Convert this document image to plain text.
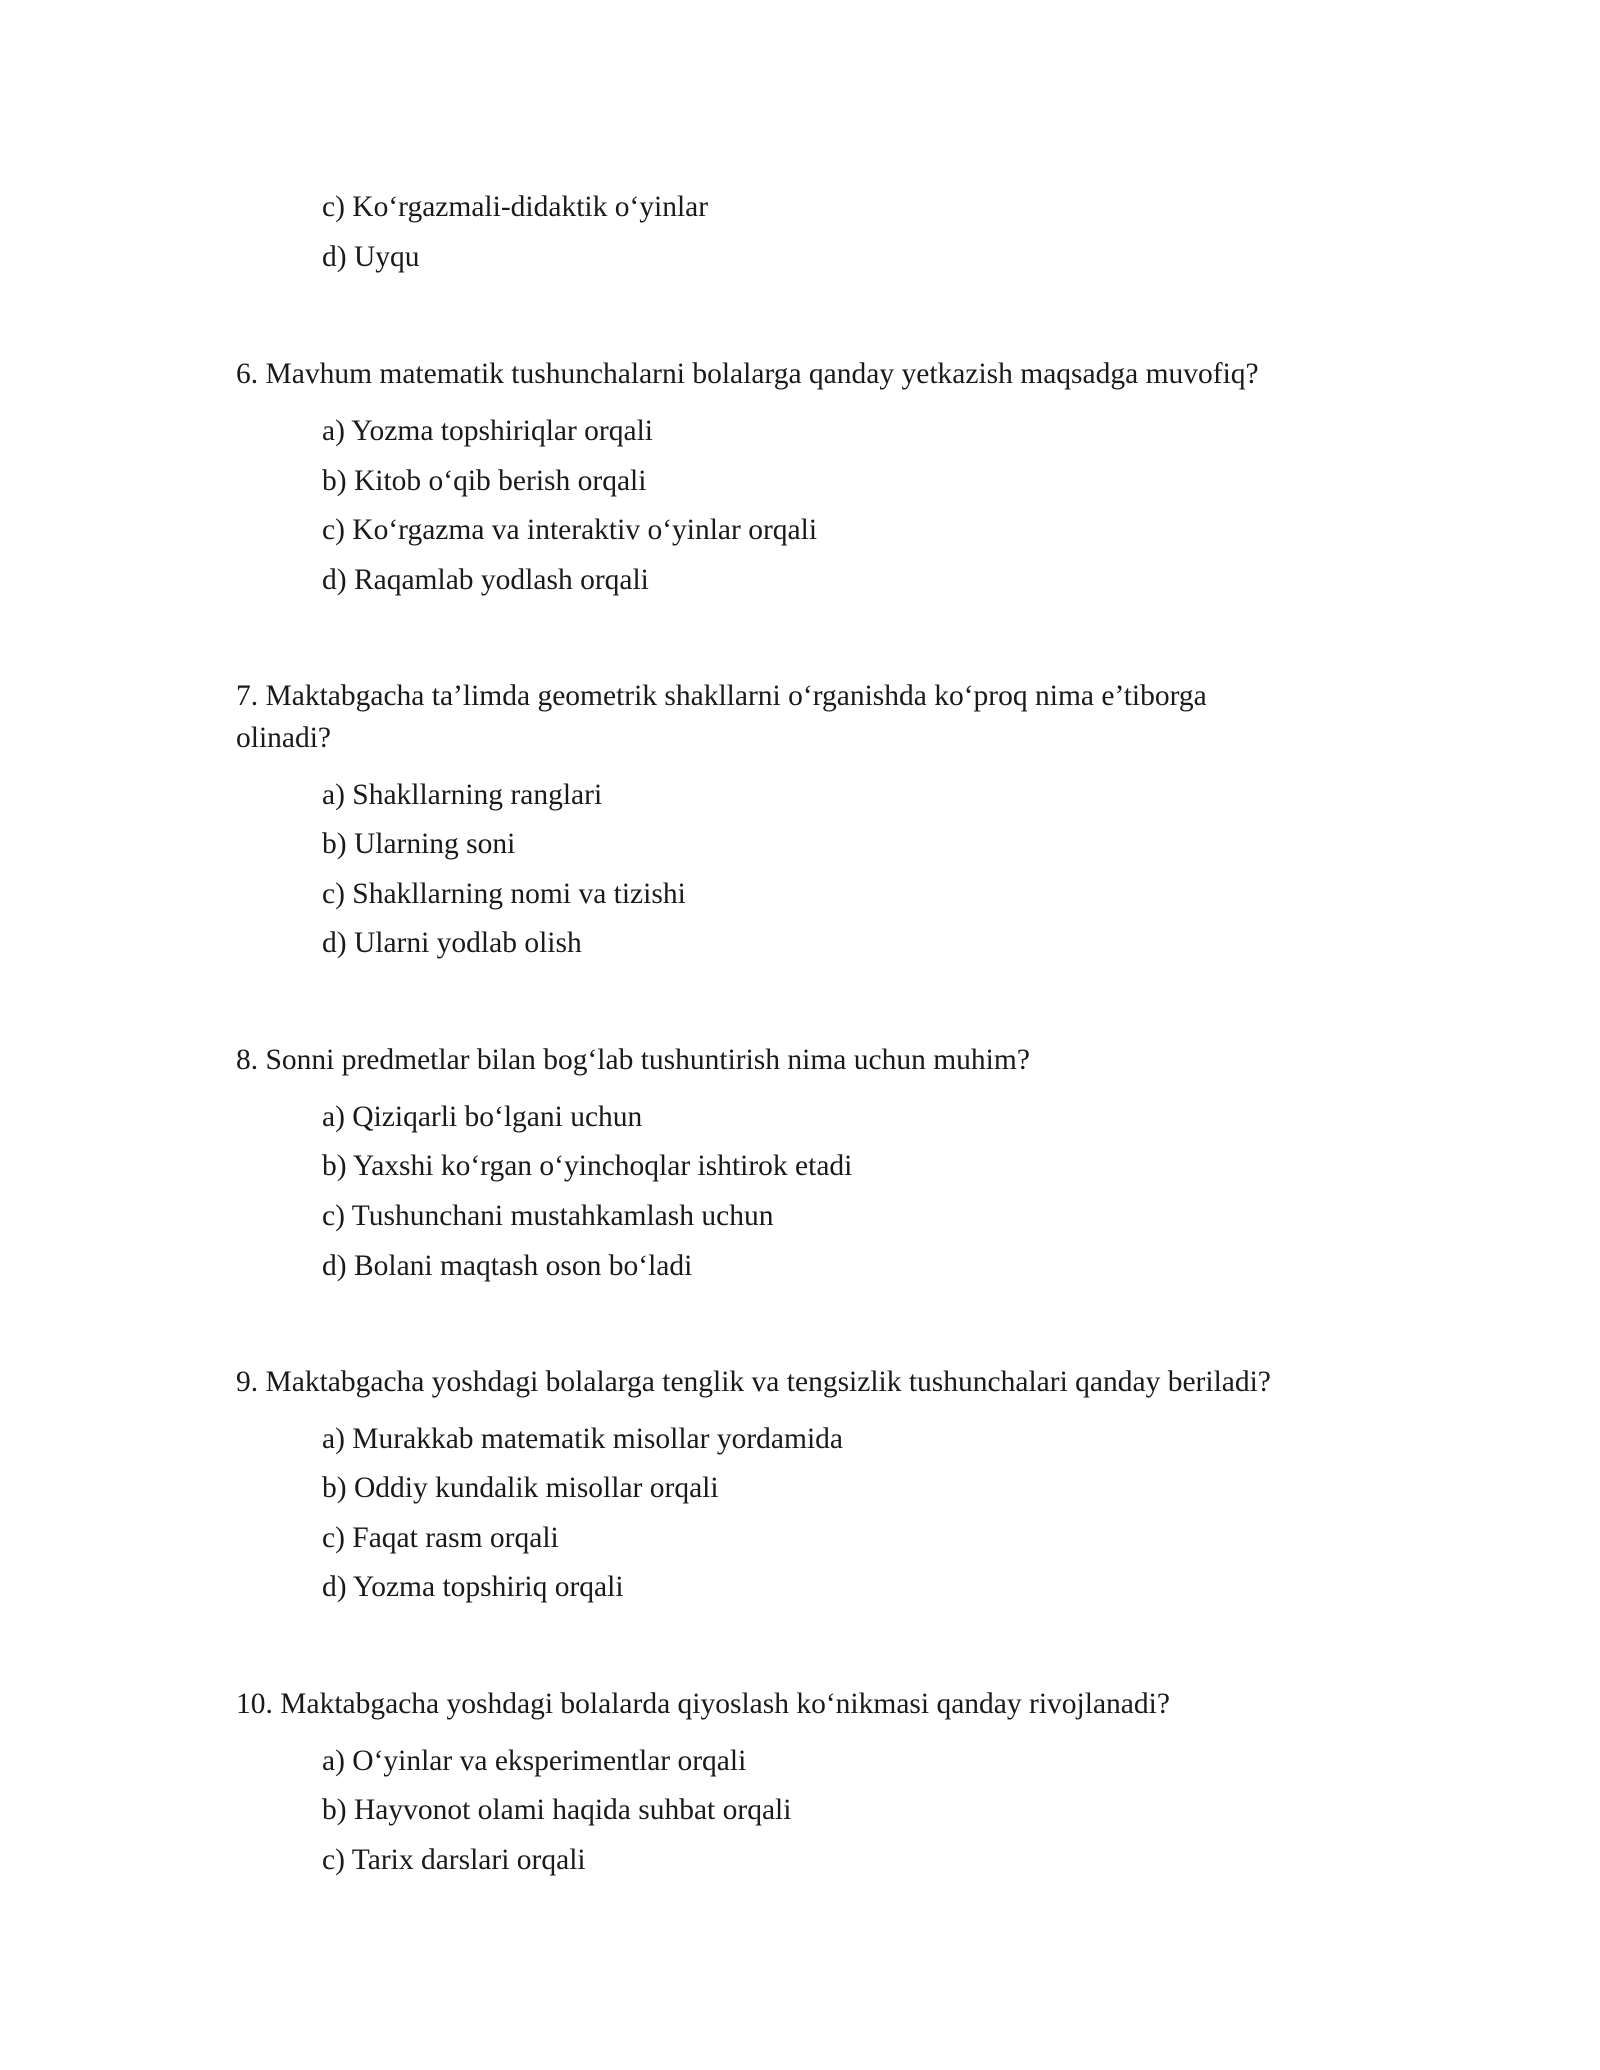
c) Koʻrgazmali-didaktik oʻyinlar
d) Uyqu
6. Mavhum matematik tushunchalarni bolalarga qanday yetkazish maqsadga muvofiq?
a) Yozma topshiriqlar orqali
b) Kitob oʻqib berish orqali
c) Koʻrgazma va interaktiv oʻyinlar orqali
d) Raqamlab yodlash orqali
7. Maktabgacha ta’limda geometrik shakllarni oʻrganishda koʻproq nima e’tiborga
olinadi?
a) Shakllarning ranglari
b) Ularning soni
c) Shakllarning nomi va tizishi
d) Ularni yodlab olish
8. Sonni predmetlar bilan bogʻlab tushuntirish nima uchun muhim?
a) Qiziqarli boʻlgani uchun
b) Yaxshi koʻrgan oʻyinchoqlar ishtirok etadi
c) Tushunchani mustahkamlash uchun
d) Bolani maqtash oson boʻladi
9. Maktabgacha yoshdagi bolalarga tenglik va tengsizlik tushunchalari qanday beriladi?
a) Murakkab matematik misollar yordamida
b) Oddiy kundalik misollar orqali
c) Faqat rasm orqali
d) Yozma topshiriq orqali
10. Maktabgacha yoshdagi bolalarda qiyoslash koʻnikmasi qanday rivojlanadi?
a) Oʻyinlar va eksperimentlar orqali
b) Hayvonot olami haqida suhbat orqali
c) Tarix darslari orqali
